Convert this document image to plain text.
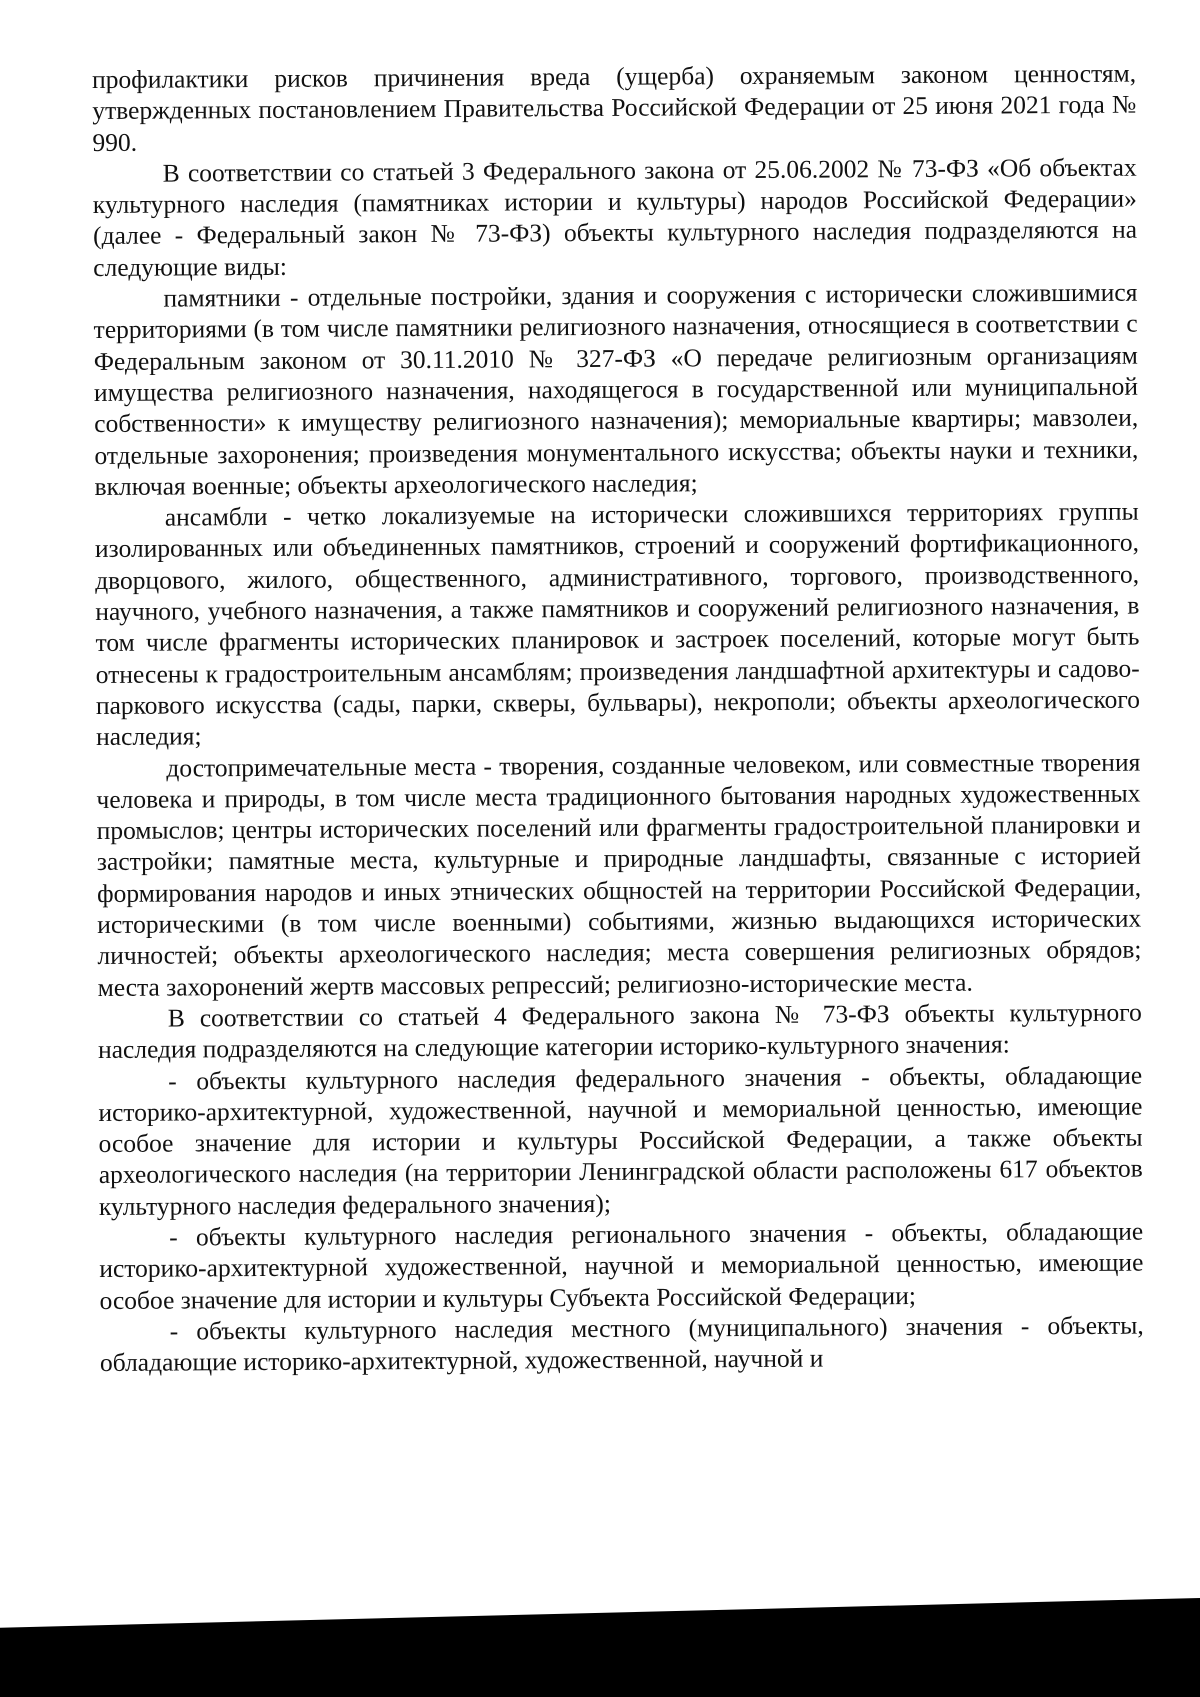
профилактики рисков причинения вреда (ущерба) охраняемым законом ценностям, утвержденных постановлением Правительства Российской Федерации от 25 июня 2021 года № 990.

В соответствии со статьей 3 Федерального закона от 25.06.2002 № 73-ФЗ «Об объектах культурного наследия (памятниках истории и культуры) народов Российской Федерации» (далее - Федеральный закон № 73-ФЗ) объекты культурного наследия подразделяются на следующие виды:

памятники - отдельные постройки, здания и сооружения с исторически сложившимися территориями (в том числе памятники религиозного назначения, относящиеся в соответствии с Федеральным законом от 30.11.2010 № 327-ФЗ «О передаче религиозным организациям имущества религиозного назначения, находящегося в государственной или муниципальной собственности» к имуществу религиозного назначения); мемориальные квартиры; мавзолеи, отдельные захоронения; произведения монументального искусства; объекты науки и техники, включая военные; объекты археологического наследия;

ансамбли - четко локализуемые на исторически сложившихся территориях группы изолированных или объединенных памятников, строений и сооружений фортификационного, дворцового, жилого, общественного, административного, торгового, производственного, научного, учебного назначения, а также памятников и сооружений религиозного назначения, в том числе фрагменты исторических планировок и застроек поселений, которые могут быть отнесены к градостроительным ансамблям; произведения ландшафтной архитектуры и садово-паркового искусства (сады, парки, скверы, бульвары), некрополи; объекты археологического наследия;

достопримечательные места - творения, созданные человеком, или совместные творения человека и природы, в том числе места традиционного бытования народных художественных промыслов; центры исторических поселений или фрагменты градостроительной планировки и застройки; памятные места, культурные и природные ландшафты, связанные с историей формирования народов и иных этнических общностей на территории Российской Федерации, историческими (в том числе военными) событиями, жизнью выдающихся исторических личностей; объекты археологического наследия; места совершения религиозных обрядов; места захоронений жертв массовых репрессий; религиозно-исторические места.

В соответствии со статьей 4 Федерального закона № 73-ФЗ объекты культурного наследия подразделяются на следующие категории историко-культурного значения:

- объекты культурного наследия федерального значения - объекты, обладающие историко-архитектурной, художественной, научной и мемориальной ценностью, имеющие особое значение для истории и культуры Российской Федерации, а также объекты археологического наследия (на территории Ленинградской области расположены 617 объектов культурного наследия федерального значения);

- объекты культурного наследия регионального значения - объекты, обладающие историко-архитектурной художественной, научной и мемориальной ценностью, имеющие особое значение для истории и культуры Субъекта Российской Федерации;

- объекты культурного наследия местного (муниципального) значения - объекты, обладающие историко-архитектурной, художественной, научной и
